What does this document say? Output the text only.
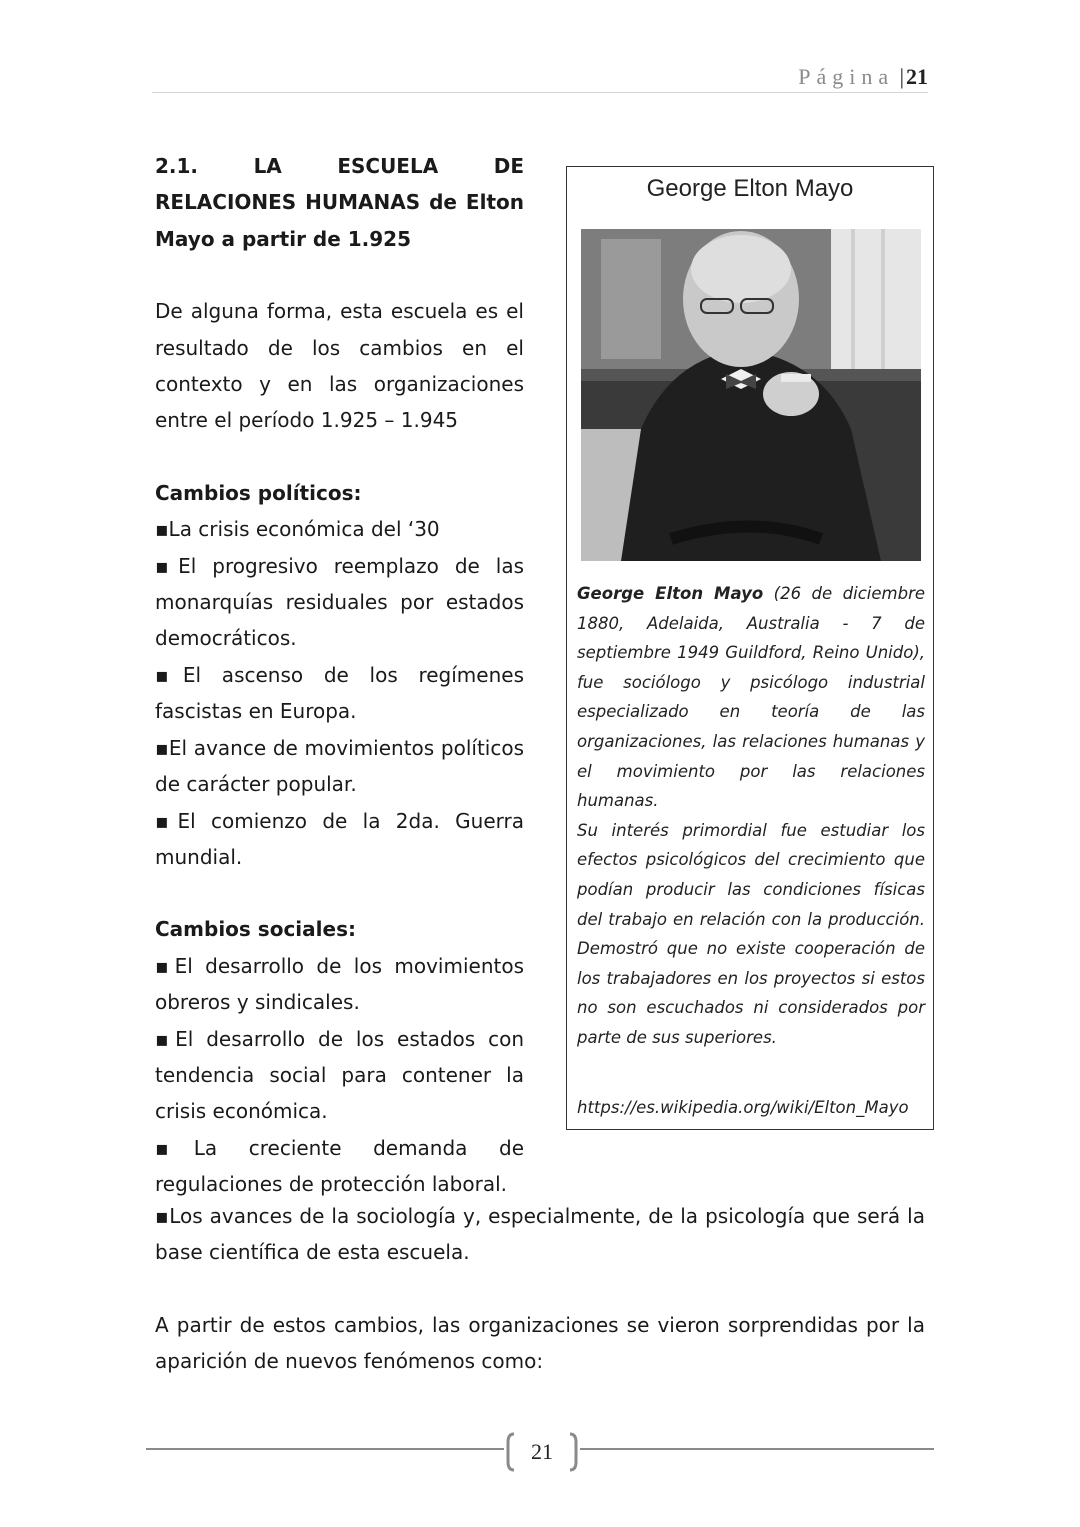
Página |21

2.1. LA ESCUELA DE

RELACIONES HUMANAS de Elton

Mayo a partir de 1.925

De alguna forma, esta escuela es el resultado de los cambios en el contexto y en las organizaciones entre el período 1.925 – 1.945

Cambios políticos:

▪La crisis económica del ‘30

▪El progresivo reemplazo de las monarquías residuales por estados democráticos.

▪El ascenso de los regímenes fascistas en Europa.

▪El avance de movimientos políticos de carácter popular.

▪El comienzo de la 2da. Guerra mundial.

Cambios sociales:

▪El desarrollo de los movimientos obreros y sindicales.

▪El desarrollo de los estados con tendencia social para contener la crisis económica.

▪La creciente demanda de regulaciones de protección laboral.

▪Los avances de la sociología y, especialmente, de la psicología que será la base científica de esta escuela.

A partir de estos cambios, las organizaciones se vieron sorprendidas por la aparición de nuevos fenómenos como:

George Elton Mayo

George Elton Mayo (26 de diciembre 1880, Adelaida, Australia - 7 de septiembre 1949 Guildford, Reino Unido), fue sociólogo y psicólogo industrial especializado en teoría de las organizaciones, las relaciones humanas y el movimiento por las relaciones humanas.

Su interés primordial fue estudiar los efectos psicológicos del crecimiento que podían producir las condiciones físicas del trabajo en relación con la producción. Demostró que no existe cooperación de los trabajadores en los proyectos si estos no son escuchados ni considerados por parte de sus superiores.

https://es.wikipedia.org/wiki/Elton_Mayo
21
